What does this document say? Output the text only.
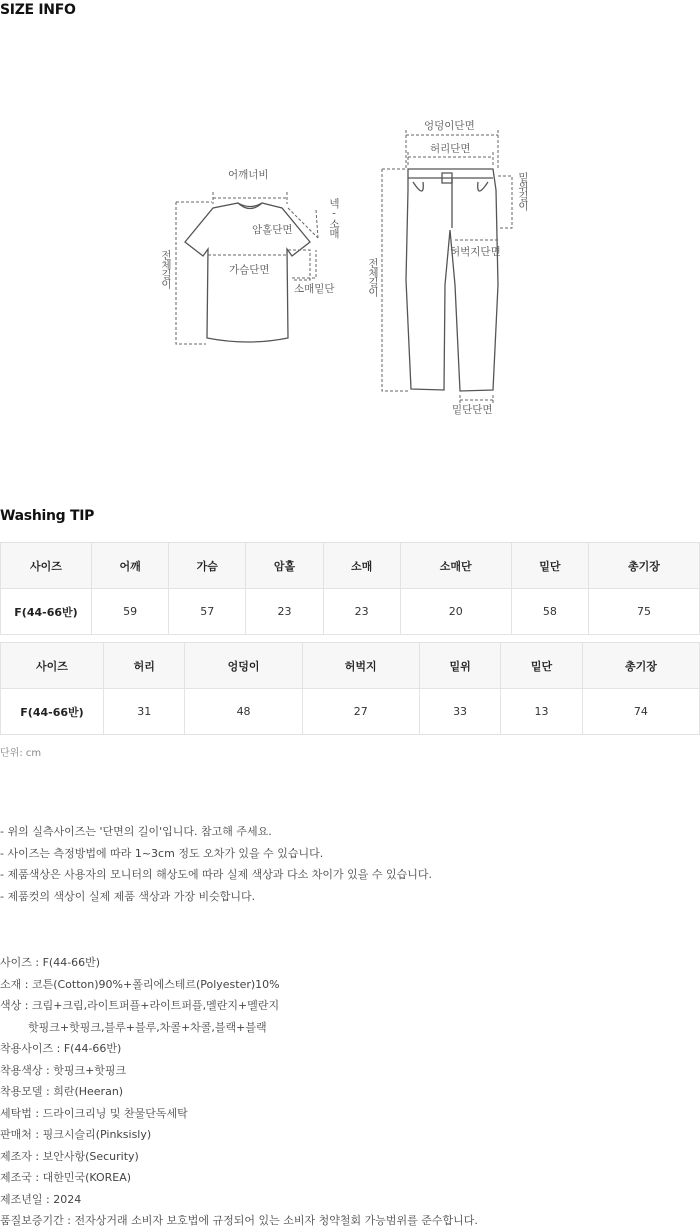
SIZE INFO
어깨너비
넥-소매
암홀단면
가슴단면
소매밑단
전체길이
엉덩이단면
허리단면
밑위길이
허벅지단면
전체길이
밑단단면
Washing TIP
사이즈	어깨	가슴	암홀	소매	소매단	밑단	총기장
F(44-66반)	59	57	23	23	20	58	75
사이즈	허리	엉덩이	허벅지	밑위	밑단	총기장
F(44-66반)	31	48	27	33	13	74
단위: cm
- 위의 실측사이즈는 '단면의 길이'입니다. 참고해 주세요.
- 사이즈는 측정방법에 따라 1~3cm 정도 오차가 있을 수 있습니다.
- 제품색상은 사용자의 모니터의 해상도에 따라 실제 색상과 다소 차이가 있을 수 있습니다.
- 제품컷의 색상이 실제 제품 색상과 가장 비슷합니다.
사이즈 : F(44-66반)
소재 : 코튼(Cotton)90%+폴리에스테르(Polyester)10%
색상 : 크림+크림,라이트퍼플+라이트퍼플,멜란지+멜란지
핫핑크+핫핑크,블루+블루,차콜+차콜,블랙+블랙
착용사이즈 : F(44-66반)
착용색상 : 핫핑크+핫핑크
착용모델 : 희란(Heeran)
세탁법 : 드라이크리닝 및 찬물단독세탁
판매처 : 핑크시슬리(Pinksisly)
제조자 : 보안사항(Security)
제조국 : 대한민국(KOREA)
제조년일 : 2024
품질보증기간 : 전자상거래 소비자 보호법에 규정되어 있는 소비자 청약철회 가능범위를 준수합니다.
